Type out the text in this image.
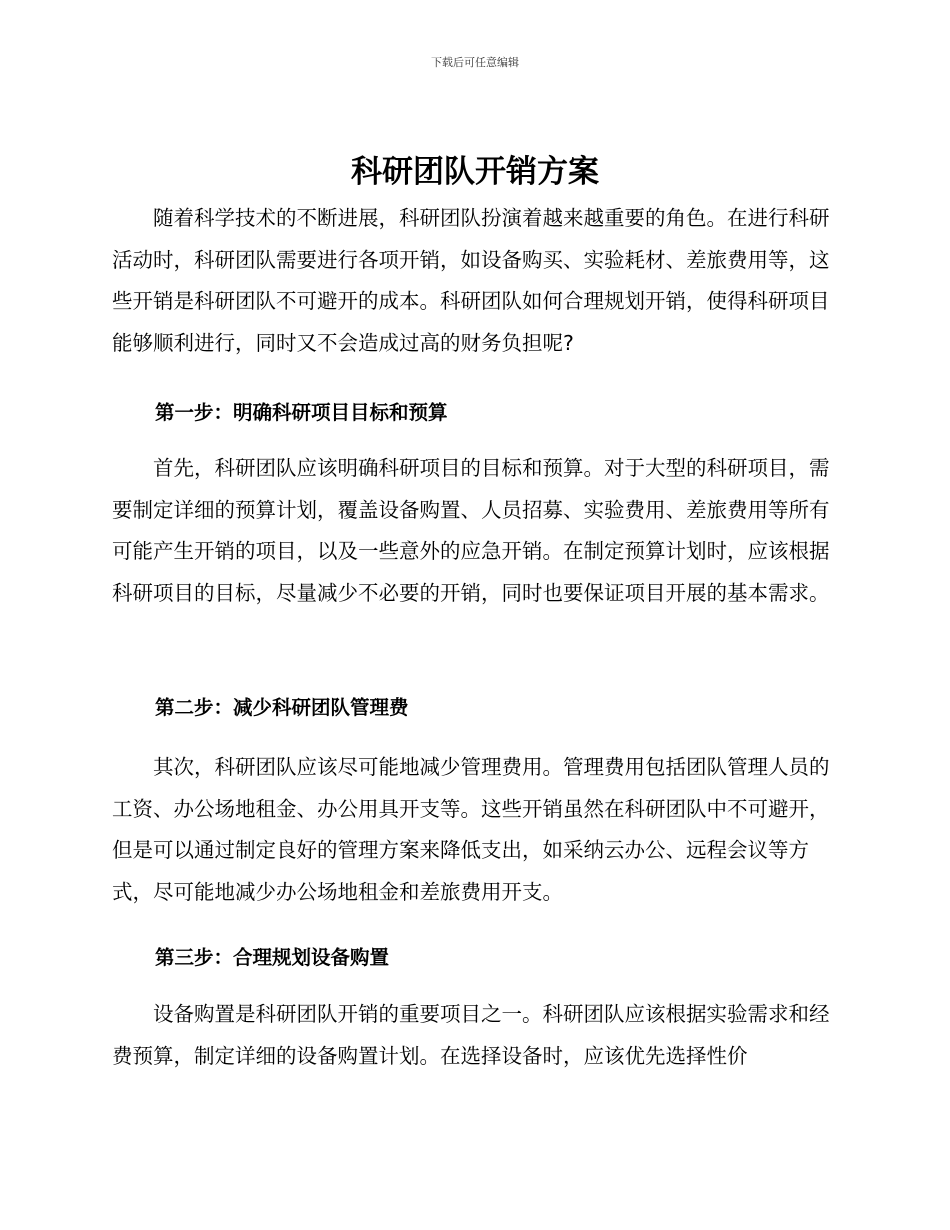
下载后可任意编辑
科研团队开销方案

随着科学技术的不断进展，科研团队扮演着越来越重要的角色。在进行科研活动时，科研团队需要进行各项开销，如设备购买、实验耗材、差旅费用等，这些开销是科研团队不可避开的成本。科研团队如何合理规划开销，使得科研项目能够顺利进行，同时又不会造成过高的财务负担呢?

第一步：明确科研项目目标和预算

首先，科研团队应该明确科研项目的目标和预算。对于大型的科研项目，需要制定详细的预算计划，覆盖设备购置、人员招募、实验费用、差旅费用等所有可能产生开销的项目，以及一些意外的应急开销。在制定预算计划时，应该根据科研项目的目标，尽量减少不必要的开销，同时也要保证项目开展的基本需求。

第二步：减少科研团队管理费

其次，科研团队应该尽可能地减少管理费用。管理费用包括团队管理人员的工资、办公场地租金、办公用具开支等。这些开销虽然在科研团队中不可避开，但是可以通过制定良好的管理方案来降低支出，如采纳云办公、远程会议等方式，尽可能地减少办公场地租金和差旅费用开支。

第三步：合理规划设备购置

设备购置是科研团队开销的重要项目之一。科研团队应该根据实验需求和经费预算，制定详细的设备购置计划。在选择设备时，应该优先选择性价
